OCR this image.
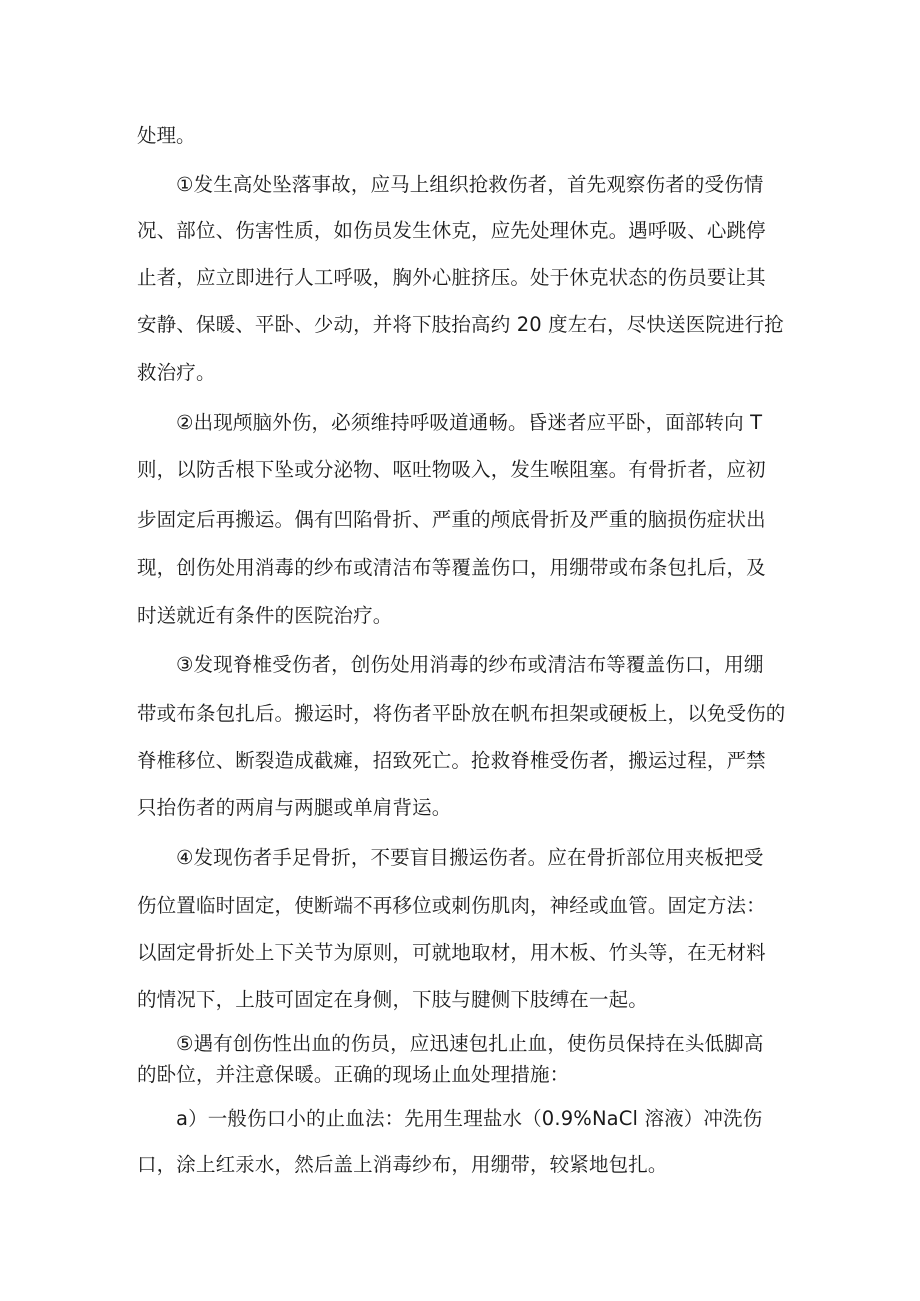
处理。
①发生高处坠落事故，应马上组织抢救伤者，首先观察伤者的受伤情
况、部位、伤害性质，如伤员发生休克，应先处理休克。遇呼吸、心跳停
止者，应立即进行人工呼吸，胸外心脏挤压。处于休克状态的伤员要让其
安静、保暖、平卧、少动，并将下肢抬高约 20 度左右，尽快送医院进行抢
救治疗。
②出现颅脑外伤，必须维持呼吸道通畅。昏迷者应平卧，面部转向 T
则，以防舌根下坠或分泌物、呕吐物吸入，发生喉阻塞。有骨折者，应初
步固定后再搬运。偶有凹陷骨折、严重的颅底骨折及严重的脑损伤症状出
现，创伤处用消毒的纱布或清洁布等覆盖伤口，用绷带或布条包扎后，及
时送就近有条件的医院治疗。
③发现脊椎受伤者，创伤处用消毒的纱布或清洁布等覆盖伤口，用绷
带或布条包扎后。搬运时，将伤者平卧放在帆布担架或硬板上，以免受伤的
脊椎移位、断裂造成截瘫，招致死亡。抢救脊椎受伤者，搬运过程，严禁
只抬伤者的两肩与两腿或单肩背运。
④发现伤者手足骨折，不要盲目搬运伤者。应在骨折部位用夹板把受
伤位置临时固定，使断端不再移位或刺伤肌肉，神经或血管。固定方法：
以固定骨折处上下关节为原则，可就地取材，用木板、竹头等，在无材料
的情况下，上肢可固定在身侧，下肢与腱侧下肢缚在一起。
⑤遇有创伤性出血的伤员，应迅速包扎止血，使伤员保持在头低脚高
的卧位，并注意保暖。正确的现场止血处理措施：
a）一般伤口小的止血法：先用生理盐水（0.9%NaCl 溶液）冲洗伤
口，涂上红汞水，然后盖上消毒纱布，用绷带，较紧地包扎。
